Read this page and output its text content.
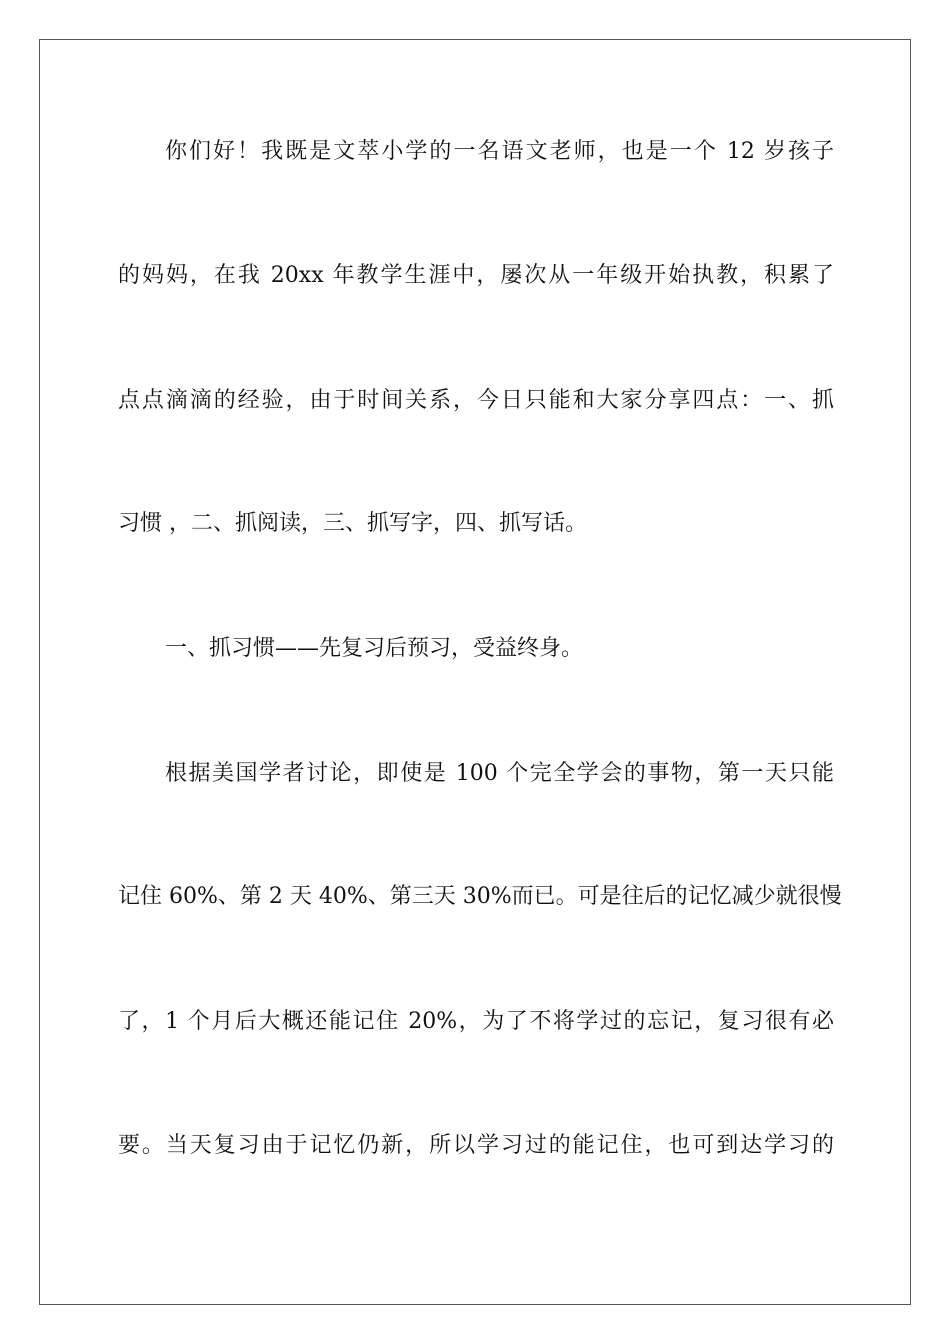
你们好！我既是文萃小学的一名语文老师，也是一个 12 岁孩子
的妈妈，在我 20xx 年教学生涯中，屡次从一年级开始执教，积累了
点点滴滴的经验，由于时间关系，今日只能和大家分享四点：一、抓
习惯 ，二、抓阅读，三、抓写字，四、抓写话。
一、抓习惯——先复习后预习，受益终身。
根据美国学者讨论，即使是 100 个完全学会的事物，第一天只能
记住 60%、第 2 天 40%、第三天 30%而已。可是往后的记忆减少就很慢
了，1 个月后大概还能记住 20%，为了不将学过的忘记，复习很有必
要。当天复习由于记忆仍新，所以学习过的能记住，也可到达学习的
